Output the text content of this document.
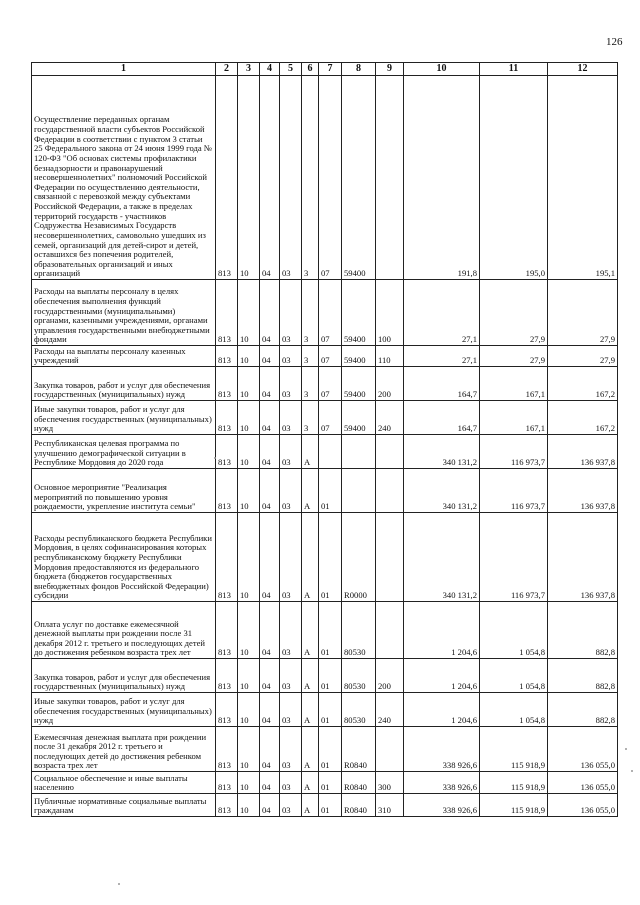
126
1	2	3	4	5	6	7	8	9	10	11	12
Осуществление переданных органам государственной власти субъектов Российской Федерации в соответствии с пунктом 3 статьи 25 Федерального закона от 24 июня 1999 года № 120-ФЗ "Об основах системы профилактики безнадзорности и правонарушений несовершеннолетних" полномочий Российской Федерации по осуществлению деятельности, связанной с перевозкой между субъектами Российской Федерации, а также в пределах территорий государств - участников Содружества Независимых Государств несовершеннолетних, самовольно ушедших из семей, организаций для детей-сирот и детей, оставшихся без попечения родителей, образовательных организаций и иных организаций	813	10	04	03	3	07	59400		191,8	195,0	195,1
Расходы на выплаты персоналу в целях обеспечения выполнения функций государственными (муниципальными) органами, казенными учреждениями, органами управления государственными внебюджетными фондами	813	10	04	03	3	07	59400	100	27,1	27,9	27,9
Расходы на выплаты персоналу казенных учреждений	813	10	04	03	3	07	59400	110	27,1	27,9	27,9
Закупка товаров, работ и услуг для обеспечения государственных (муниципальных) нужд	813	10	04	03	3	07	59400	200	164,7	167,1	167,2
Иные закупки товаров, работ и услуг для обеспечения государственных (муниципальных) нужд	813	10	04	03	3	07	59400	240	164,7	167,1	167,2
Республиканская целевая программа по улучшению демографической ситуации в Республике Мордовия до 2020 года	813	10	04	03	А				340 131,2	116 973,7	136 937,8
Основное мероприятие "Реализация мероприятий по повышению уровня рождаемости, укрепление института семьи"	813	10	04	03	А	01			340 131,2	116 973,7	136 937,8
Расходы республиканского бюджета Республики Мордовия, в целях софинансирования которых республиканскому бюджету Республики Мордовия предоставляются из федерального бюджета (бюджетов государственных внебюджетных фондов Российской Федерации) субсидии	813	10	04	03	А	01	R0000		340 131,2	116 973,7	136 937,8
Оплата услуг по доставке ежемесячной денежной выплаты при рождении после 31 декабря 2012 г. третьего и последующих детей до достижения ребенком возраста трех лет	813	10	04	03	А	01	80530		1 204,6	1 054,8	882,8
Закупка товаров, работ и услуг для обеспечения государственных (муниципальных) нужд	813	10	04	03	А	01	80530	200	1 204,6	1 054,8	882,8
Иные закупки товаров, работ и услуг для обеспечения государственных (муниципальных) нужд	813	10	04	03	А	01	80530	240	1 204,6	1 054,8	882,8
Ежемесячная денежная выплата при рождении после 31 декабря 2012 г. третьего и последующих детей до достижения ребенком возраста трех лет	813	10	04	03	А	01	R0840		338 926,6	115 918,9	136 055,0
Социальное обеспечение и иные выплаты населению	813	10	04	03	А	01	R0840	300	338 926,6	115 918,9	136 055,0
Публичные нормативные социальные выплаты гражданам	813	10	04	03	А	01	R0840	310	338 926,6	115 918,9	136 055,0
